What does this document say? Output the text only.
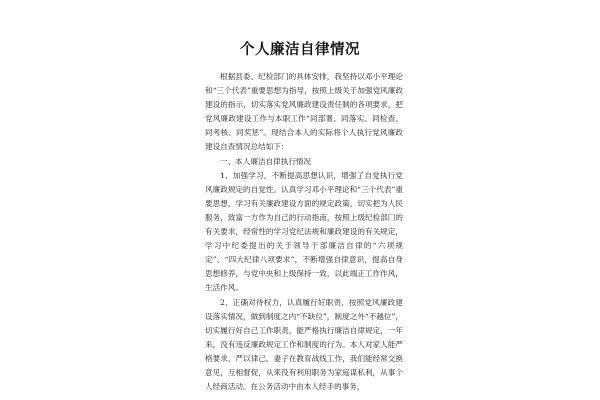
个人廉洁自律情况

根据县委、纪检部门的具体安排，我坚持以邓小平理论和“三个代表”重要思想为指导，按照上级关于加强党风廉政建设的指示，切实落实党风廉政建设责任制的各项要求，把党风廉政建设工作与本职工作“同部署、同落实、同检查、同考核、同奖惩”。现结合本人的实际将个人执行党风廉政建设自查情况总结如下：

一、本人廉洁自律执行情况

1、加强学习，不断提高思想认识，增强了自觉执行党风廉政规定的自觉性。认真学习邓小平理论和“三个代表”重要思想，学习有关廉政建设方面的规定政策，切实把为人民服务，致富一方作为自己的行动指南，按照上级纪检部门的有关要求，经常性的学习党纪法规和廉政建设的有关规定，学习中纪委提出的关于领导干部廉洁自律的“六项规定”、“四大纪律八项要求”，不断增强自律意识，提高自身思想修养，与党中央和上级保持一致，以此端正工作作风，生活作风。

2、正确对待权力，认真履行好职责，按照党风廉政建设落实情况，做到制度之内“不缺位”，制度之外“不越位”，切实履行好自己工作职责，能严格执行廉洁自律规定，一年来，没有违反廉政规定工作和制度的行为。本人对家人能严格要求，严以律己，妻子在教育战线工作，我们能经常交换意见，互相督促，从来没有利用职务为家庭谋私利，从事个人经商活动。在公务活动中由本人经手的事务，
